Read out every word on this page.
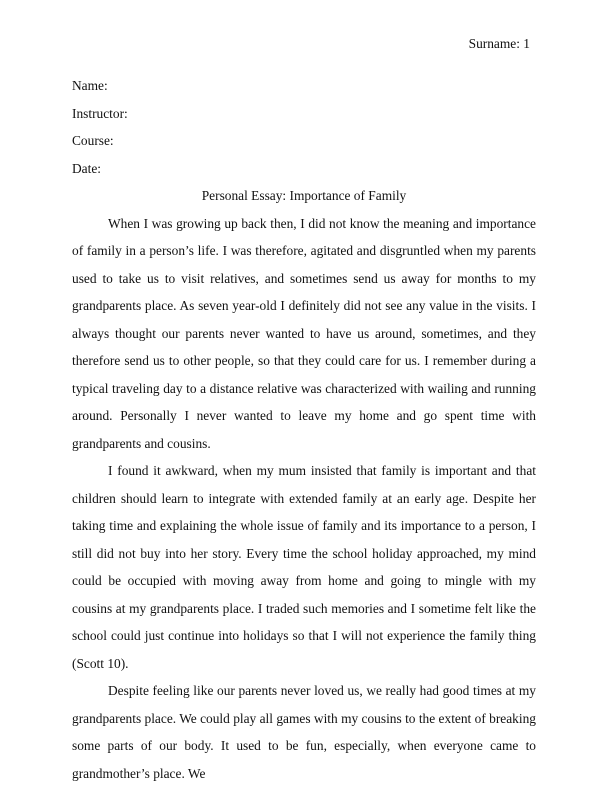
Surname: 1
Name:
Instructor:
Course:
Date:
Personal Essay: Importance of Family

When I was growing up back then, I did not know the meaning and importance of family in a person’s life. I was therefore, agitated and disgruntled when my parents used to take us to visit relatives, and sometimes send us away for months to my grandparents place. As seven year-old I definitely did not see any value in the visits. I always thought our parents never wanted to have us around, sometimes, and they therefore send us to other people, so that they could care for us. I remember during a typical traveling day to a distance relative was characterized with wailing and running around. Personally I never wanted to leave my home and go spent time with grandparents and cousins.

I found it awkward, when my mum insisted that family is important and that children should learn to integrate with extended family at an early age. Despite her taking time and explaining the whole issue of family and its importance to a person, I still did not buy into her story. Every time the school holiday approached, my mind could be occupied with moving away from home and going to mingle with my cousins at my grandparents place. I traded such memories and I sometime felt like the school could just continue into holidays so that I will not experience the family thing (Scott 10).

Despite feeling like our parents never loved us, we really had good times at my grandparents place. We could play all games with my cousins to the extent of breaking some parts of our body. It used to be fun, especially, when everyone came to grandmother’s place. We
